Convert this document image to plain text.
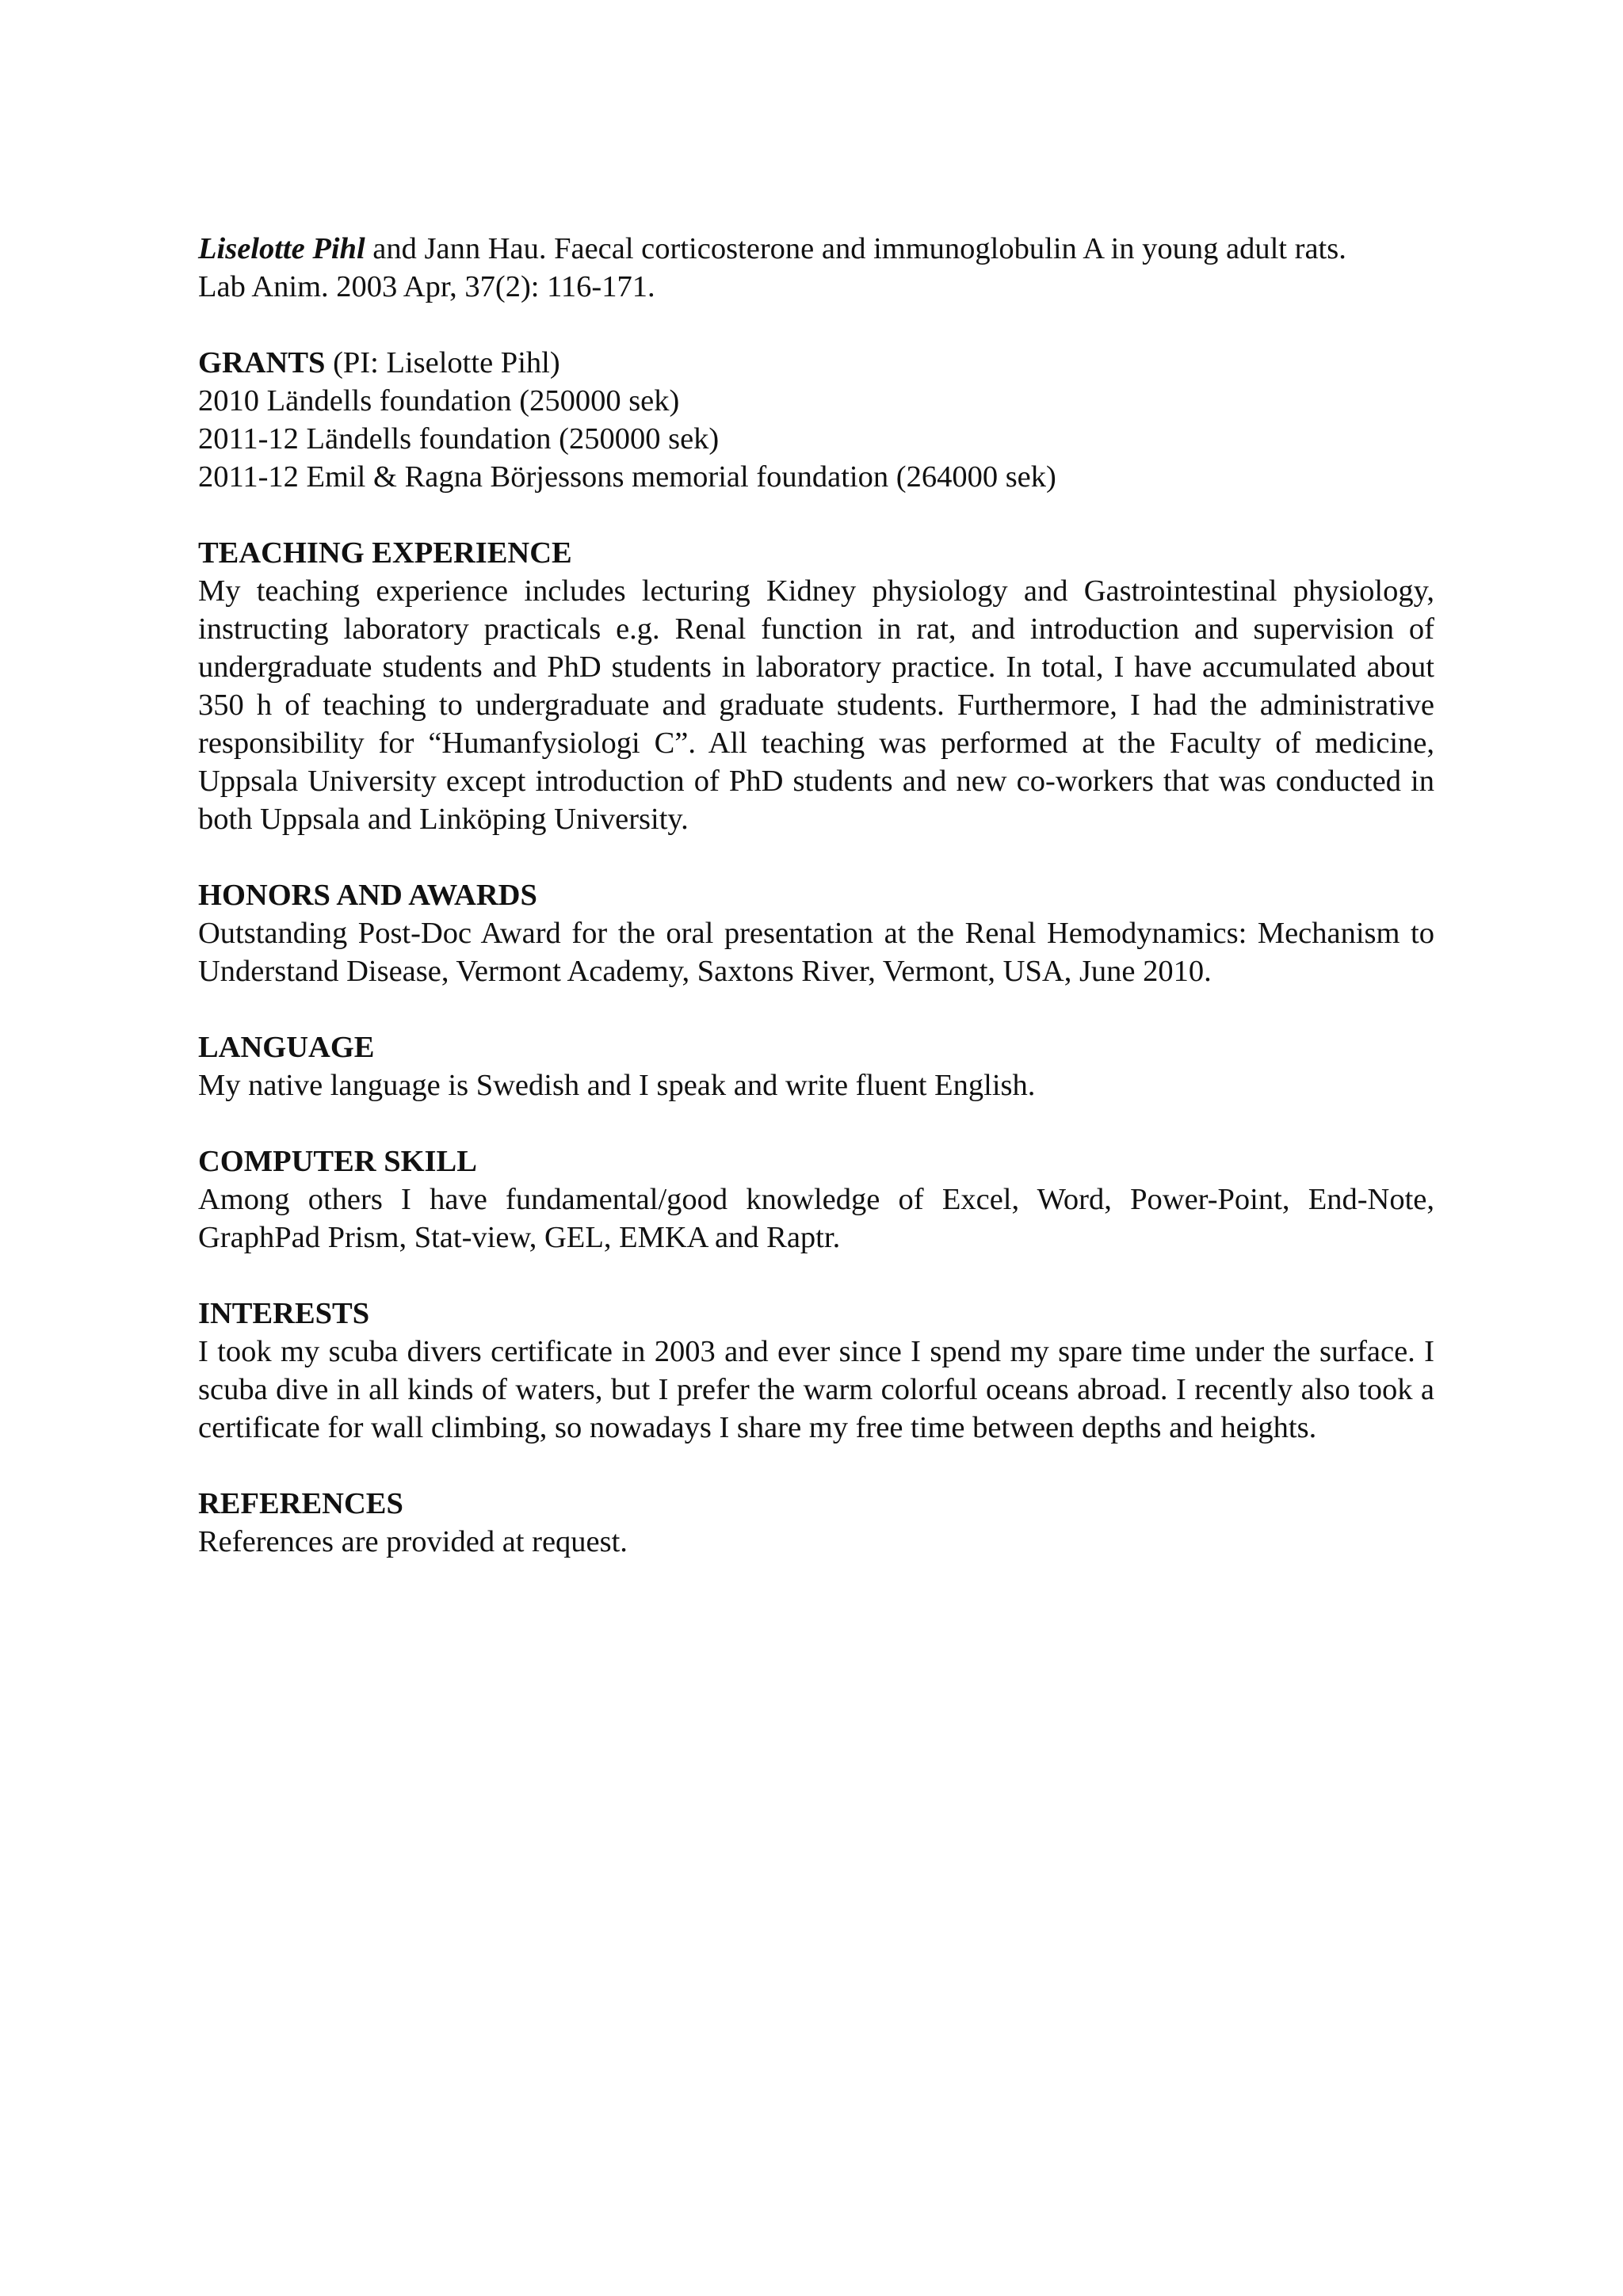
Liselotte Pihl and Jann Hau. Faecal corticosterone and immunoglobulin A in young adult rats.

Lab Anim. 2003 Apr, 37(2): 116-171.

GRANTS (PI: Liselotte Pihl)

2010 Ländells foundation (250000 sek)

2011-12 Ländells foundation (250000 sek)

2011-12 Emil & Ragna Börjessons memorial foundation (264000 sek)

TEACHING EXPERIENCE

My teaching experience includes lecturing Kidney physiology and Gastrointestinal physiology, instructing laboratory practicals e.g. Renal function in rat, and introduction and supervision of undergraduate students and PhD students in laboratory practice. In total, I have accumulated about 350 h of teaching to undergraduate and graduate students. Furthermore, I had the administrative responsibility for “Humanfysiologi C”. All teaching was performed at the Faculty of medicine, Uppsala University except introduction of PhD students and new co-workers that was conducted in both Uppsala and Linköping University.

HONORS AND AWARDS

Outstanding Post-Doc Award for the oral presentation at the Renal Hemodynamics: Mechanism to Understand Disease, Vermont Academy, Saxtons River, Vermont, USA, June 2010.

LANGUAGE

My native language is Swedish and I speak and write fluent English.

COMPUTER SKILL

Among others I have fundamental/good knowledge of Excel, Word, Power-Point, End-Note, GraphPad Prism, Stat-view, GEL, EMKA and Raptr.

INTERESTS

I took my scuba divers certificate in 2003 and ever since I spend my spare time under the surface. I scuba dive in all kinds of waters, but I prefer the warm colorful oceans abroad. I recently also took a certificate for wall climbing, so nowadays I share my free time between depths and heights.

REFERENCES

References are provided at request.
